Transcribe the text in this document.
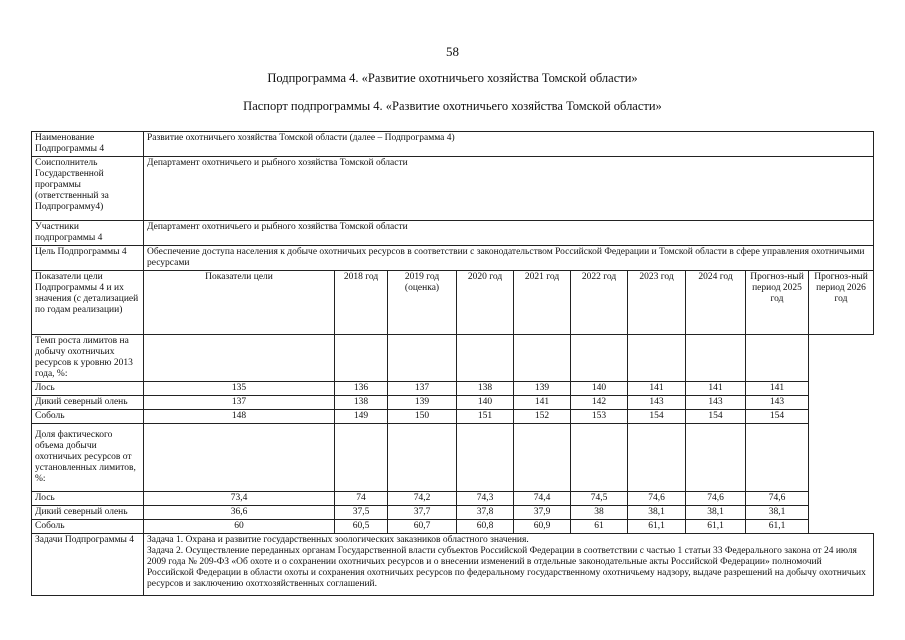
58
Подпрограмма 4. «Развитие охотничьего хозяйства Томской области»
Паспорт подпрограммы 4. «Развитие охотничьего хозяйства Томской области»
Наименование Подпрограммы 4	Развитие охотничьего хозяйства Томской области (далее – Подпрограмма 4)									
Соисполнитель Государственной программы (ответственный за Подпрограмму4)	Департамент охотничьего и рыбного хозяйства Томской области									
Участники подпрограммы 4	Департамент охотничьего и рыбного хозяйства Томской области									
Цель Подпрограммы 4	Обеспечение доступа населения к добыче охотничьих ресурсов в соответствии с законодательством Российской Федерации и Томской области в сфере управления охотничьими ресурсами									
Показатели цели Подпрограммы 4 и их значения (с детализацией по годам реализации)	Показатели цели	2018 год	2019 год (оценка)	2020 год	2021 год	2022 год	2023 год	2024 год	Прогноз-ный период 2025 год	Прогноз-ный период 2026 год
Темп роста лимитов на добычу охотничьих ресурсов к уровню 2013 года, %:										
Лось	135	136	137	138	139	140	141	141	141	
Дикий северный олень	137	138	139	140	141	142	143	143	143	
Соболь	148	149	150	151	152	153	154	154	154	
Доля фактического объема добычи охотничьих ресурсов от установленных лимитов, %:										
Лось	73,4	74	74,2	74,3	74,4	74,5	74,6	74,6	74,6	
Дикий северный олень	36,6	37,5	37,7	37,8	37,9	38	38,1	38,1	38,1	
Соболь	60	60,5	60,7	60,8	60,9	61	61,1	61,1	61,1	
Задачи Подпрограммы 4	Задача 1. Охрана и развитие государственных зоологических заказников областного значения.
Задача 2. Осуществление переданных органам Государственной власти субъектов Российской Федерации в соответствии с частью 1 статьи 33 Федерального закона от 24 июля 2009 года № 209-ФЗ «Об охоте и о сохранении охотничьих ресурсов и о внесении изменений в отдельные законодательные акты Российской Федерации» полномочий Российской Федерации в области охоты и сохранения охотничьих ресурсов по федеральному государственному охотничьему надзору, выдаче разрешений на добычу охотничьих ресурсов и заключению охотхозяйственных соглашений.									
